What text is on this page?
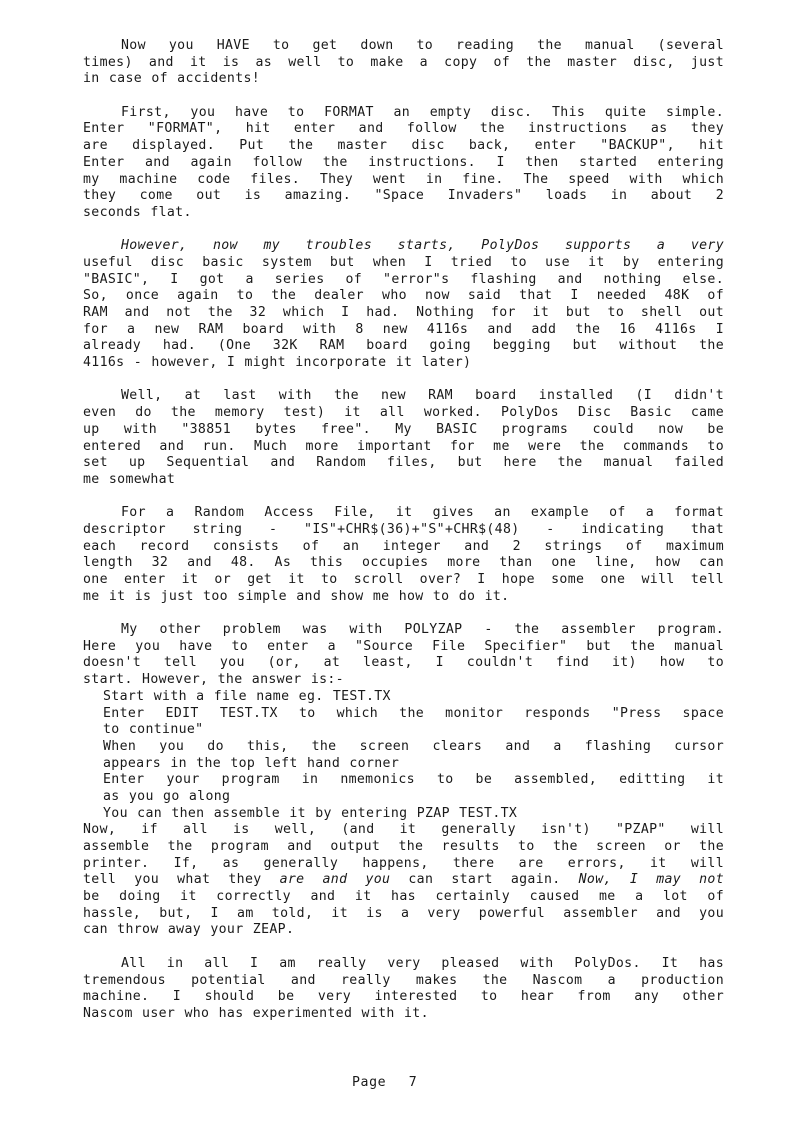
Now you HAVE to get down to reading the manual (several
times) and it is as well to make a copy of the master disc, just
in case of accidents!
First, you have to FORMAT an empty disc. This quite simple.
Enter "FORMAT", hit enter and follow the instructions as they
are displayed. Put the master disc back, enter "BACKUP", hit
Enter and again follow the instructions. I then started entering
my machine code files. They went in fine. The speed with which
they come out is amazing. "Space Invaders" loads in about 2
seconds flat.
However, now my troubles starts, PolyDos supports a very
useful disc basic system but when I tried to use it by entering
"BASIC", I got a series of "error"s flashing and nothing else.
So, once again to the dealer who now said that I needed 48K of
RAM and not the 32 which I had. Nothing for it but to shell out
for a new RAM board with 8 new 4116s and add the 16 4116s I
already had. (One 32K RAM board going begging but without the
4116s - however, I might incorporate it later)
Well, at last with the new RAM board installed (I didn't
even do the memory test) it all worked. PolyDos Disc Basic came
up with "38851 bytes free". My BASIC programs could now be
entered and run. Much more important for me were the commands to
set up Sequential and Random files, but here the manual failed
me somewhat
For a Random Access File, it gives an example of a format
descriptor string - "IS"+CHR$(36)+"S"+CHR$(48) - indicating that
each record consists of an integer and 2 strings of maximum
length 32 and 48. As this occupies more than one line, how can
one enter it or get it to scroll over? I hope some one will tell
me it is just too simple and show me how to do it.
My other problem was with POLYZAP - the assembler program.
Here you have to enter a "Source File Specifier" but the manual
doesn't tell you (or, at least, I couldn't find it) how to
start. However, the answer is:-
Start with a file name eg. TEST.TX
Enter EDIT TEST.TX to which the monitor responds "Press space
to continue"
When you do this, the screen clears and a flashing cursor
appears in the top left hand corner
Enter your program in nmemonics to be assembled, editting it
as you go along
You can then assemble it by entering PZAP TEST.TX
Now, if all is well, (and it generally isn't) "PZAP" will
assemble the program and output the results to the screen or the
printer. If, as generally happens, there are errors, it will
tell you what they are and you can start again. Now, I may not
be doing it correctly and it has certainly caused me a lot of
hassle, but, I am told, it is a very powerful assembler and you
can throw away your ZEAP.
All in all I am really very pleased with PolyDos. It has
tremendous potential and really makes the Nascom a production
machine. I should be very interested to hear from any other
Nascom user who has experimented with it.
Page 7
